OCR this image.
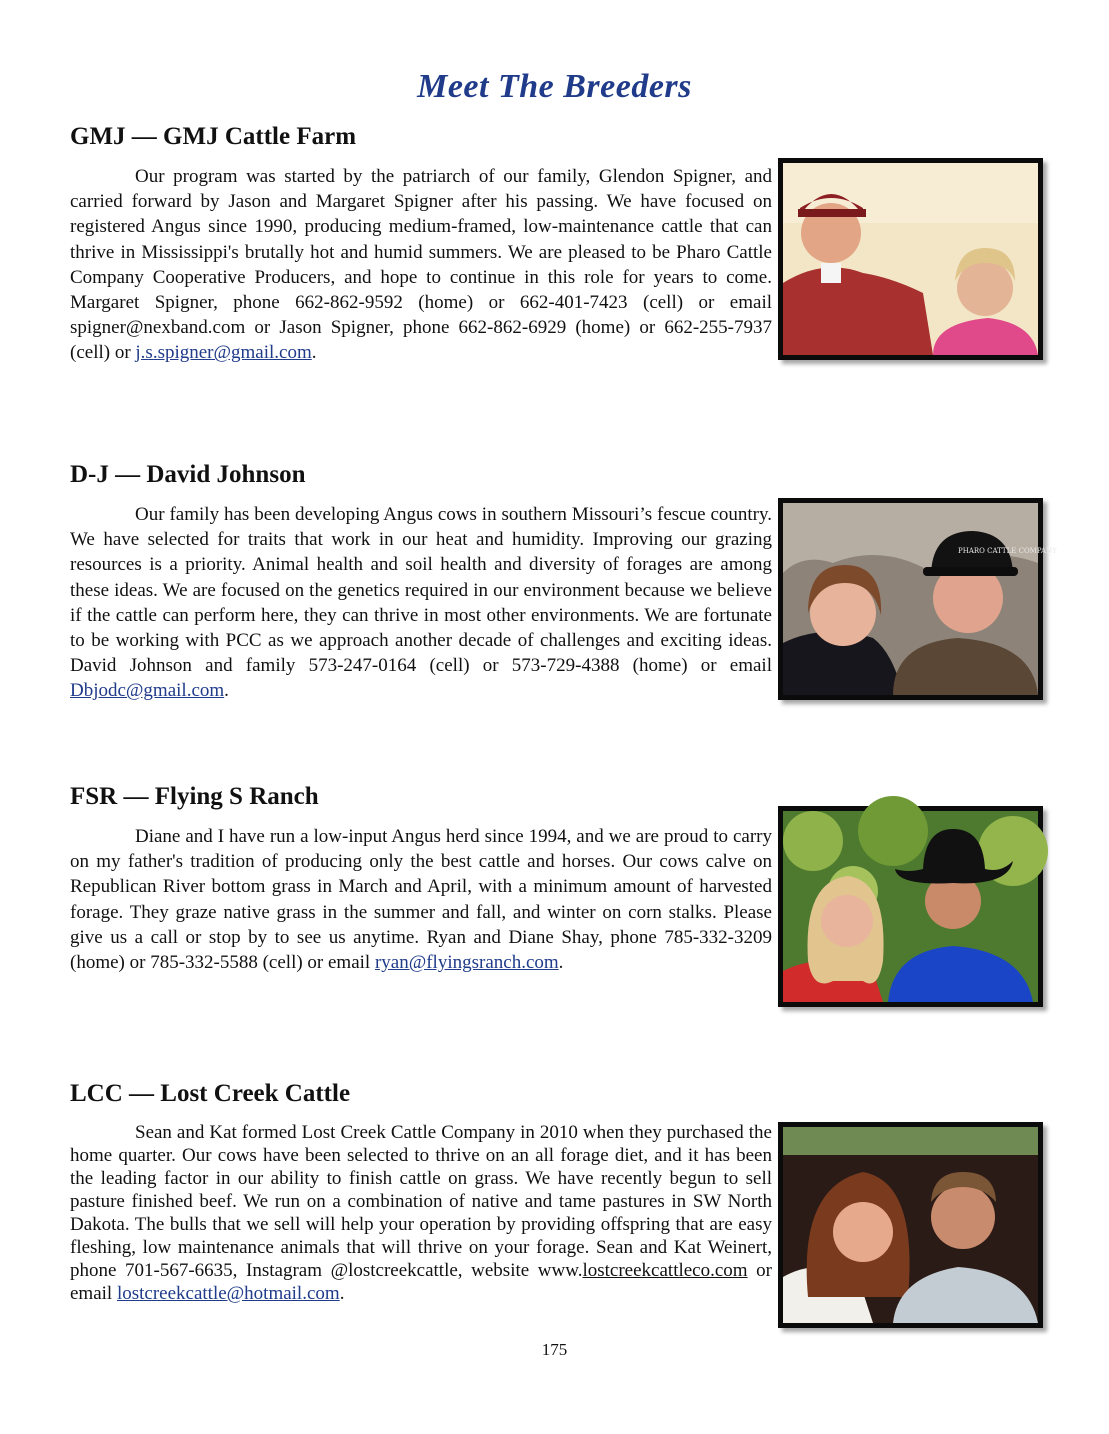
Meet The Breeders
GMJ — GMJ Cattle Farm

Our program was started by the patriarch of our family, Glendon Spigner, and carried forward by Jason and Margaret Spigner after his passing. We have focused on registered Angus since 1990, producing medium-framed, low-maintenance cattle that can thrive in Mississippi's brutally hot and humid summers. We are pleased to be Pharo Cattle Company Cooperative Producers, and hope to continue in this role for years to come. Margaret Spigner, phone 662-862-9592 (home) or 662-401-7423 (cell) or email spigner@nexband.com or Jason Spigner, phone 662-862-6929 (home) or 662-255-7937 (cell) or j.s.spigner@gmail.com.

D-J — David Johnson

Our family has been developing Angus cows in southern Missouri’s fescue country. We have selected for traits that work in our heat and humidity. Improving our grazing resources is a priority. Animal health and soil health and diversity of forages are among these ideas. We are focused on the genetics required in our environment because we believe if the cattle can perform here, they can thrive in most other environments. We are fortunate to be working with PCC as we approach another decade of challenges and exciting ideas. David Johnson and family 573-247-0164 (cell) or 573-729-4388 (home) or email Dbjodc@gmail.com.

PHARO CATTLE COMPANY
FSR — Flying S Ranch

Diane and I have run a low-input Angus herd since 1994, and we are proud to carry on my father's tradition of producing only the best cattle and horses. Our cows calve on Republican River bottom grass in March and April, with a minimum amount of harvested forage. They graze native grass in the summer and fall, and winter on corn stalks. Please give us a call or stop by to see us anytime. Ryan and Diane Shay, phone 785-332-3209 (home) or 785-332-5588 (cell) or email ryan@flyingsranch.com.

LCC — Lost Creek Cattle

Sean and Kat formed Lost Creek Cattle Company in 2010 when they purchased the home quarter. Our cows have been selected to thrive on an all forage diet, and it has been the leading factor in our ability to finish cattle on grass. We have recently begun to sell pasture finished beef. We run on a combination of native and tame pastures in SW North Dakota. The bulls that we sell will help your operation by providing offspring that are easy fleshing, low maintenance animals that will thrive on your forage. Sean and Kat Weinert, phone 701-567-6635, Instagram @lostcreekcattle, website www.lostcreekcattleco.com or email lostcreekcattle@hotmail.com.

175
